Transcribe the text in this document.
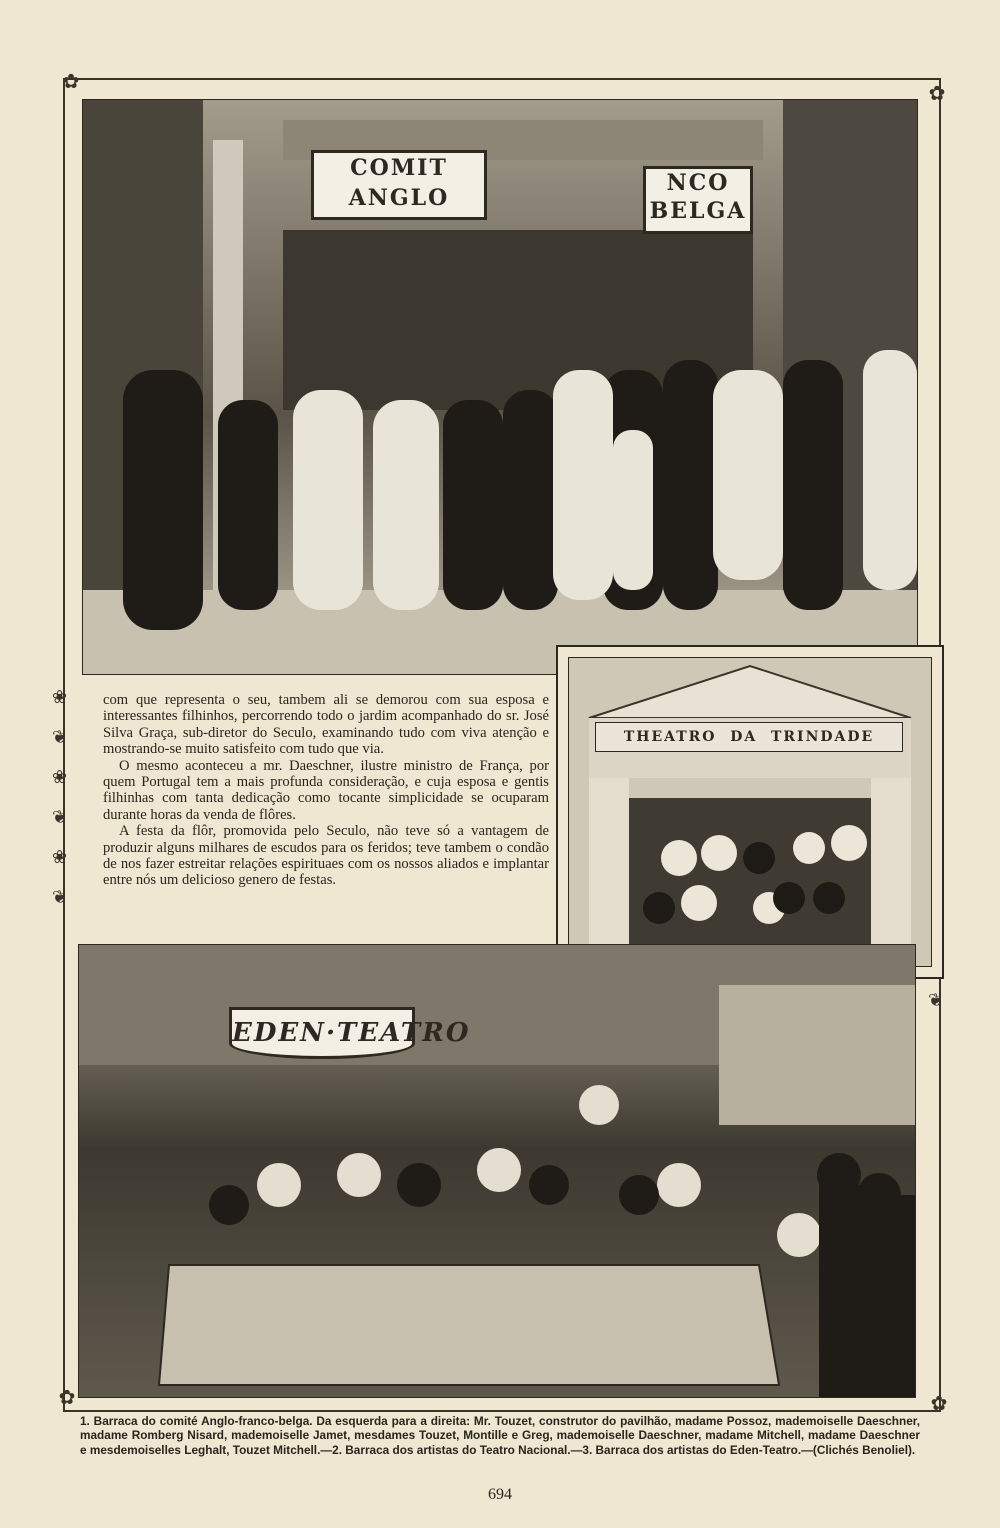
✿	✿
✿	✿
❀
❦
❀
❦
❀
❦
❦
COMIT
ANGLO
NCO
BELGA
THEATRO  DA  TRINDADE

com que representa o seu, tambem ali se demorou com sua esposa e interessantes filhinhos, percorrendo todo o jardim acompanhado do sr. José Silva Graça, sub-diretor do Seculo, examinando tudo com viva atenção e mostrando-se muito satisfeito com tudo que via.

O mesmo aconteceu a mr. Daeschner, ilustre ministro de França, por quem Portugal tem a mais profunda consideração, e cuja esposa e gentis filhinhas com tanta dedicação como tocante simplicidade se ocuparam durante horas da venda de flôres.

A festa da flôr, promovida pelo Seculo, não teve só a vantagem de produzir alguns milhares de escudos para os feridos; teve tambem o condão de nos fazer estreitar relações espirituaes com os nossos aliados e implantar entre nós um delicioso genero de festas.

EDEN·TEATRO
1. Barraca do comité Anglo-franco-belga. Da esquerda para a direita: Mr. Touzet, construtor do pavilhão, madame Possoz, mademoiselle Daeschner, madame Romberg Nisard, mademoiselle Jamet, mesdames Touzet, Montille e Greg, mademoiselle Daeschner, madame Mitchell, madame Daeschner e mesdemoiselles Leghalt, Touzet Mitchell.—2. Barraca dos artistas do Teatro Nacional.—3. Barraca dos artistas do Eden-Teatro.—(Clichés Benoliel).
694
